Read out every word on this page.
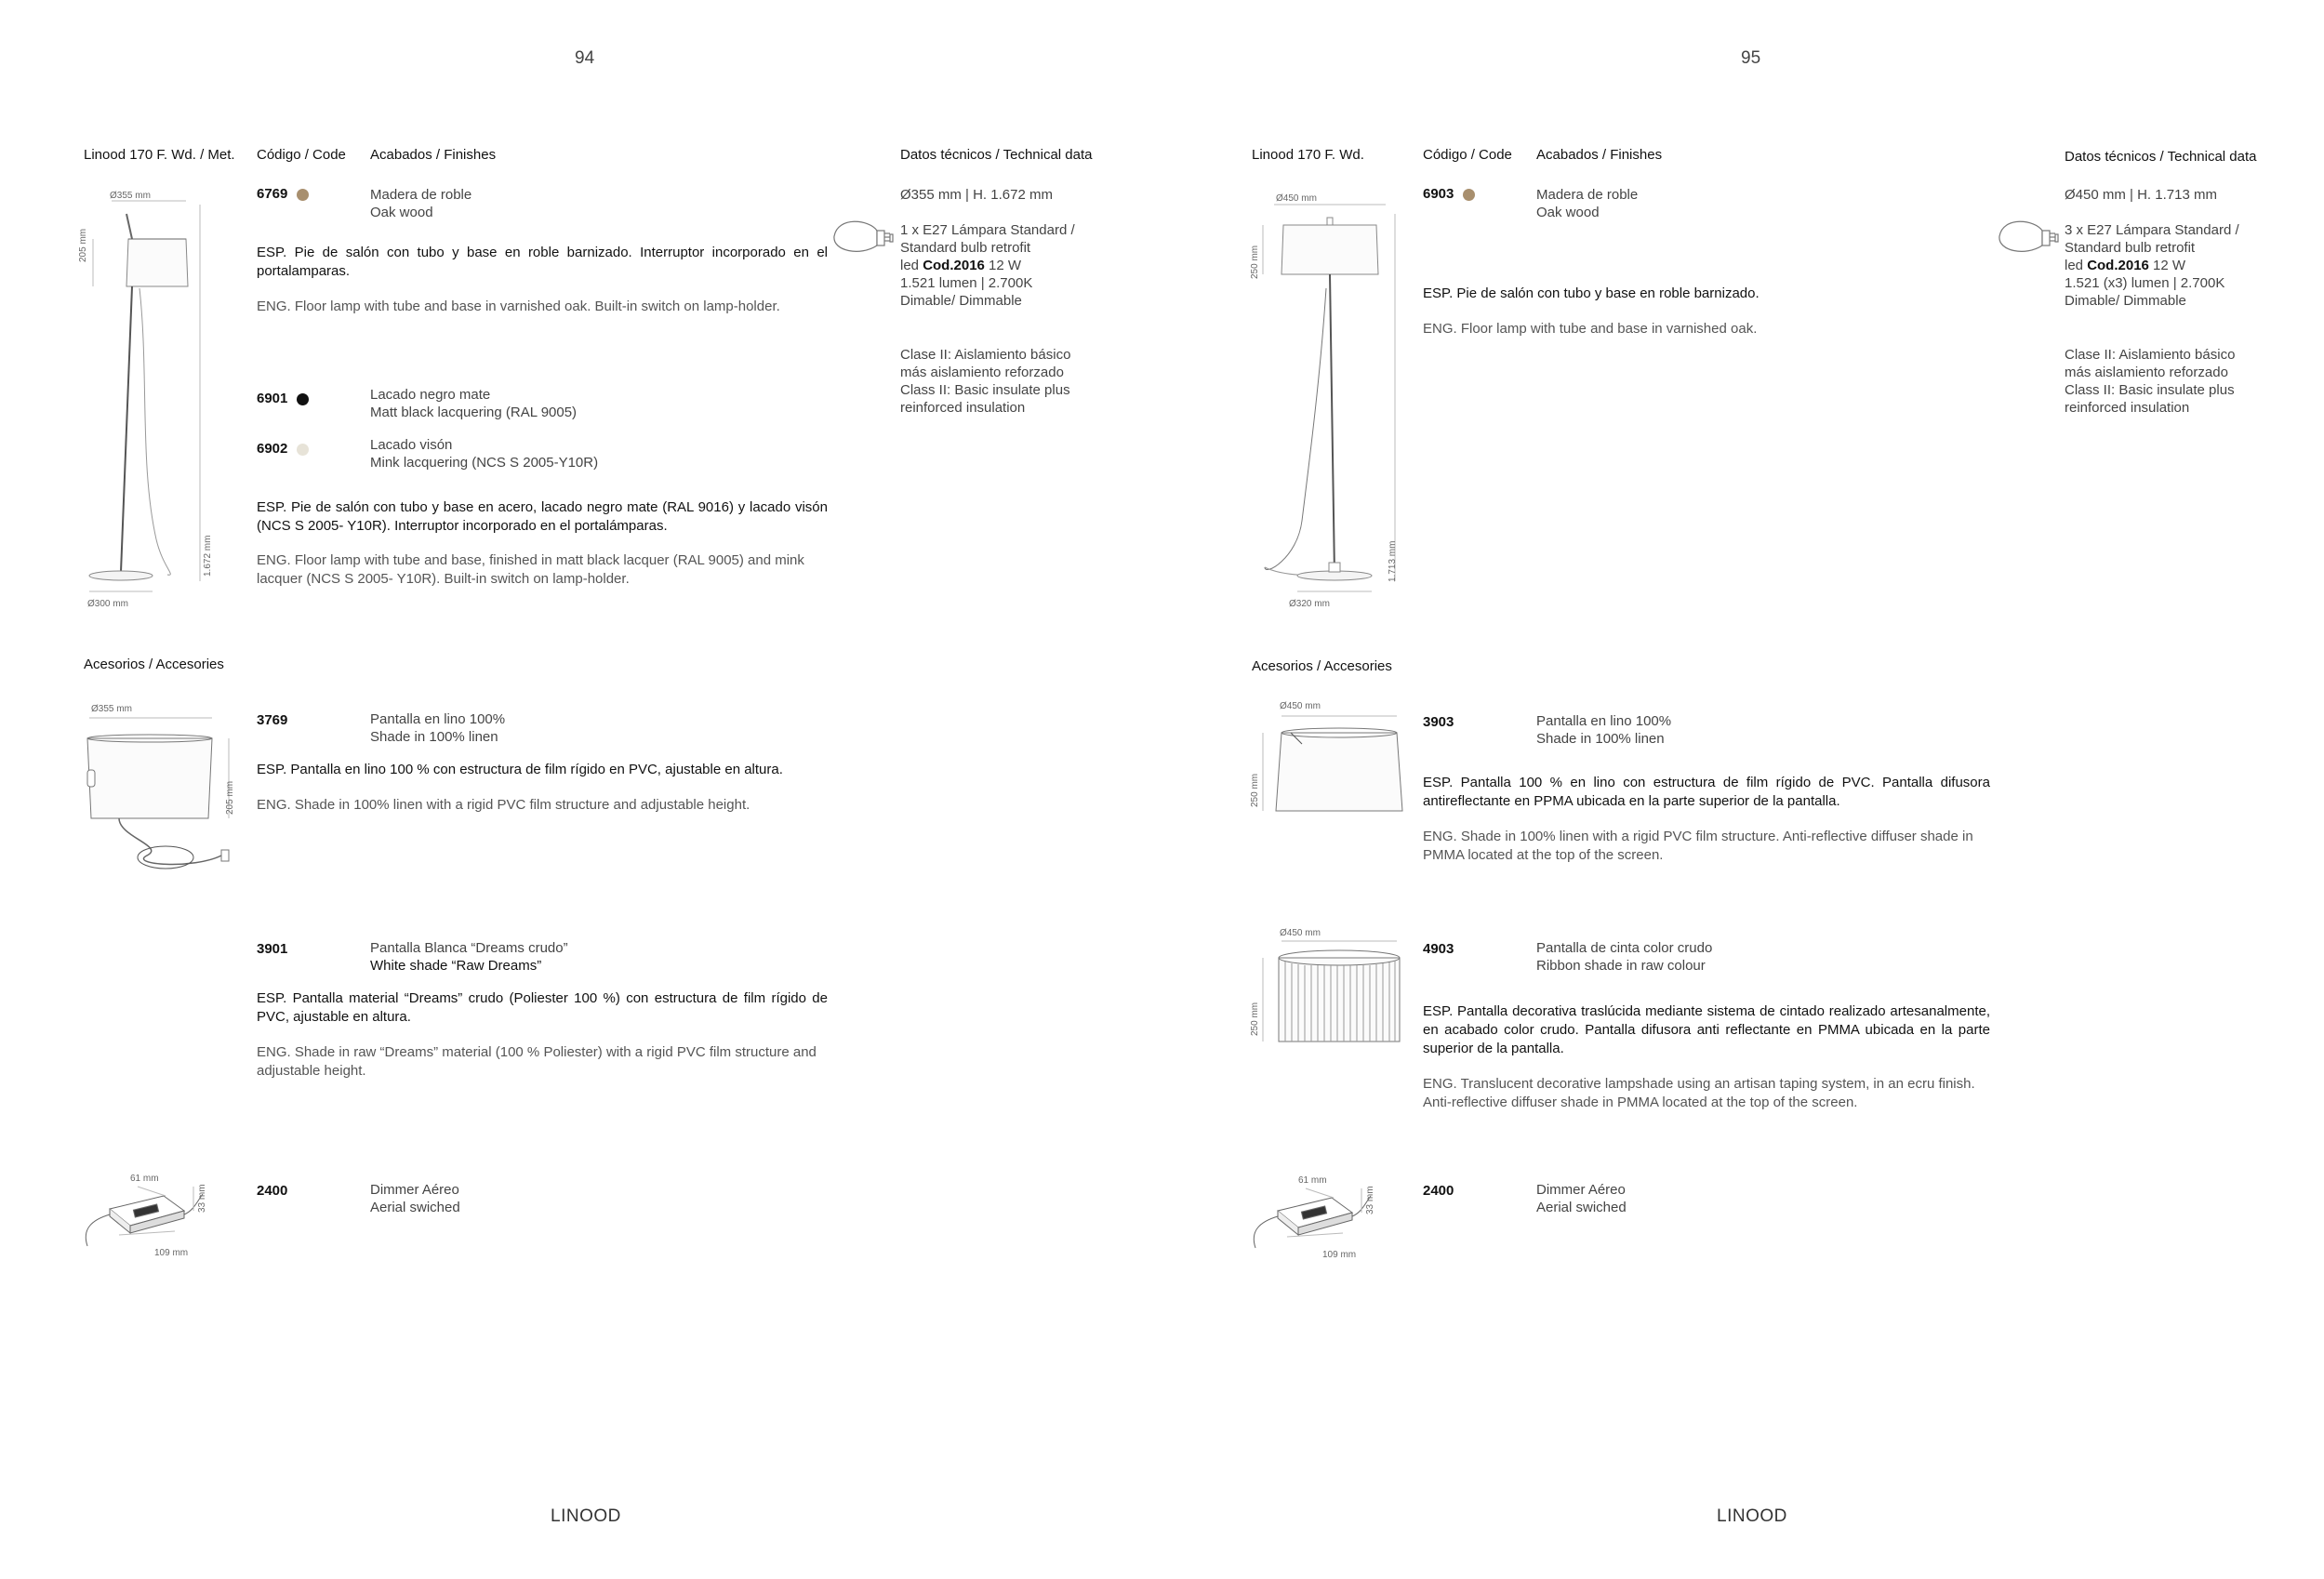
94
Linood 170 F. Wd. / Met. Código / Code Acabados / Finishes	Datos técnicos / Technical data
Ø355 mm
205 mm
1.672 mm
Ø300 mm
6769	Madera de roble
Oak wood
ESP. Pie de salón con tubo y base en roble barnizado. Interruptor incorporado en el portalamparas.
ENG. Floor lamp with tube and base in varnished oak. Built-in switch on lamp-holder.
6901	Lacado negro mate
Matt black lacquering (RAL 9005)
6902	Lacado visón
Mink lacquering (NCS S 2005-Y10R)
ESP. Pie de salón con tubo y base en acero, lacado negro mate (RAL 9016) y lacado visón (NCS S 2005- Y10R). Interruptor incorporado en el portalámparas.
ENG. Floor lamp with tube and base, finished in matt black lacquer (RAL 9005) and mink lacquer (NCS S 2005- Y10R). Built-in switch on lamp-holder.
Ø355 mm | H. 1.672 mm
1 x E27 Lámpara Standard /
Standard bulb retrofit
led Cod.2016 12 W
1.521 lumen | 2.700K
Dimable/ Dimmable
Clase II: Aislamiento básico
más aislamiento reforzado
Class II: Basic insulate plus
reinforced insulation
Acesorios / Accesories
Ø355 mm
205 mm
3769	Pantalla en lino 100%
Shade in 100% linen
ESP. Pantalla en lino 100 % con estructura de film rígido en PVC, ajustable en altura.
ENG. Shade in 100% linen with a rigid PVC film structure and adjustable height.
3901	Pantalla Blanca “Dreams crudo”
White shade “Raw Dreams”
ESP. Pantalla material “Dreams” crudo (Poliester 100 %) con estructura de film rígido de PVC, ajustable en altura.
ENG. Shade in raw “Dreams” material (100 % Poliester) with a rigid PVC film structure and adjustable height.
61 mm
33 mm
109 mm
2400	Dimmer Aéreo
Aerial swiched
LINOOD
95
Linood 170 F. Wd.	Código / Code Acabados / Finishes	Datos técnicos / Technical data
Ø450 mm
250 mm
1.713 mm
Ø320 mm
6903	Madera de roble
Oak wood
ESP. Pie de salón con tubo y base en roble barnizado.
ENG. Floor lamp with tube and base in varnished oak.
Ø450 mm | H. 1.713 mm
3 x E27 Lámpara Standard /
Standard bulb retrofit
led Cod.2016 12 W
1.521 (x3) lumen | 2.700K
Dimable/ Dimmable
Clase II: Aislamiento básico
más aislamiento reforzado
Class II: Basic insulate plus
reinforced insulation
Acesorios / Accesories
Ø450 mm
250 mm
3903	Pantalla en lino 100%
Shade in 100% linen
ESP. Pantalla 100 % en lino con estructura de film rígido de PVC. Pantalla difusora antireflectante en PPMA ubicada en la parte superior de la pantalla.
ENG. Shade in 100% linen with a rigid PVC film structure. Anti-reflective diffuser shade in PMMA located at the top of the screen.
Ø450 mm
250 mm
4903	Pantalla de cinta color crudo
Ribbon shade in raw colour
ESP. Pantalla decorativa traslúcida mediante sistema de cintado realizado artesanalmente, en acabado color crudo. Pantalla difusora anti reflectante en PMMA ubicada en la parte superior de la pantalla.
ENG. Translucent decorative lampshade using an artisan taping system, in an ecru finish. Anti-reflective diffuser shade in PMMA located at the top of the screen.
61 mm
33 mm
109 mm
2400	Dimmer Aéreo
Aerial swiched
LINOOD
